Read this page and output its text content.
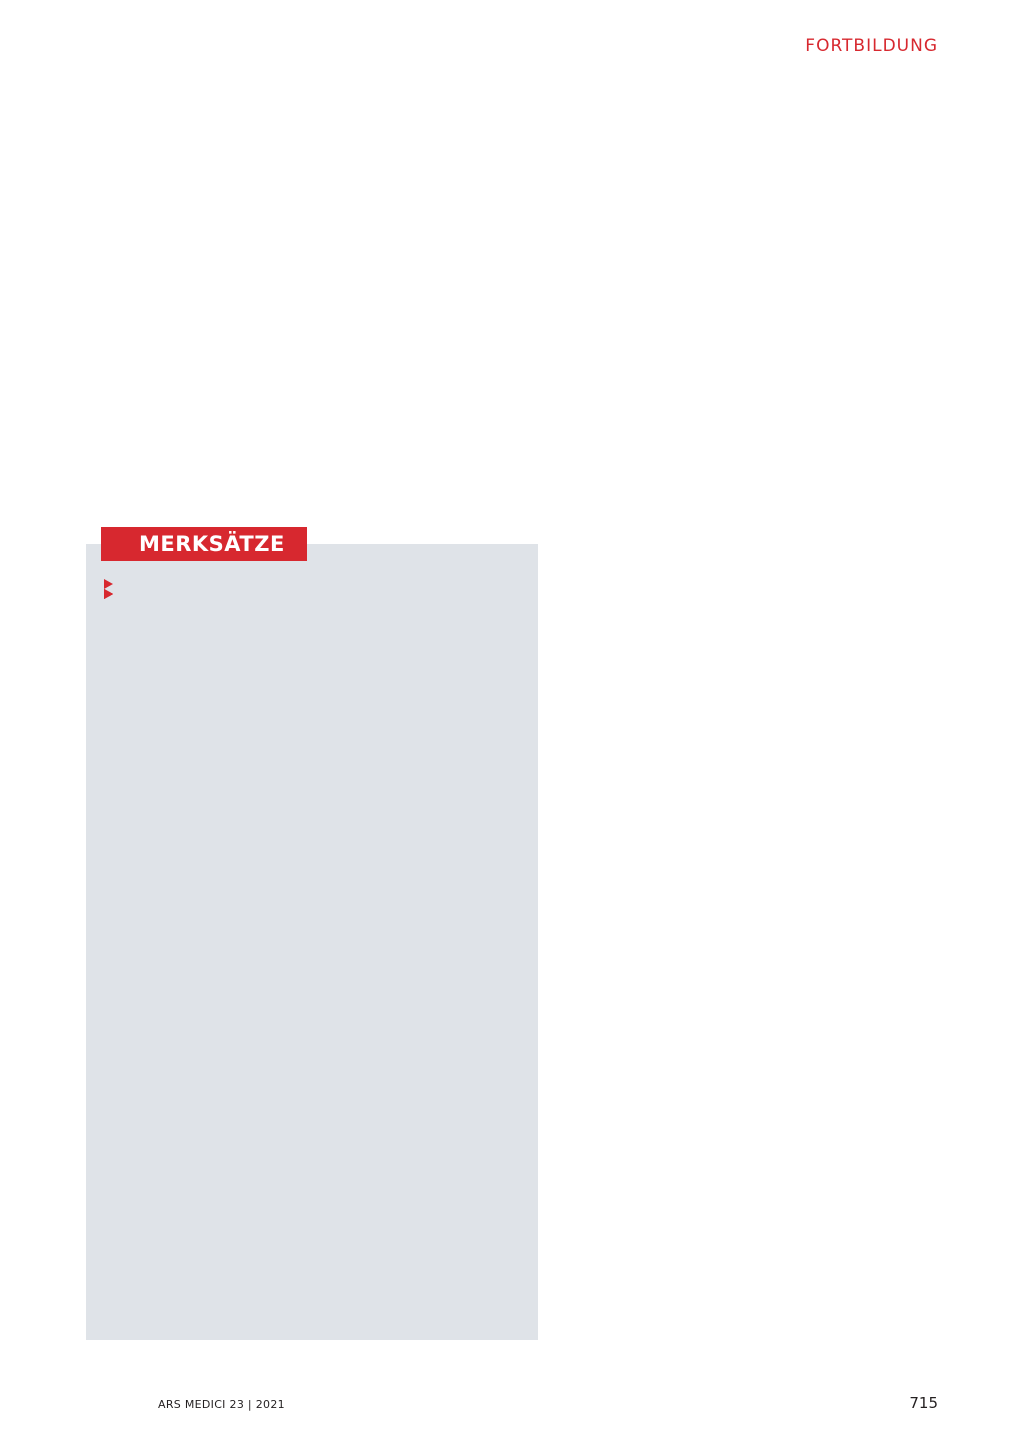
FORTBILDUNG

MERKSÄTZE

ARS MEDICI 23 | 2021	715
